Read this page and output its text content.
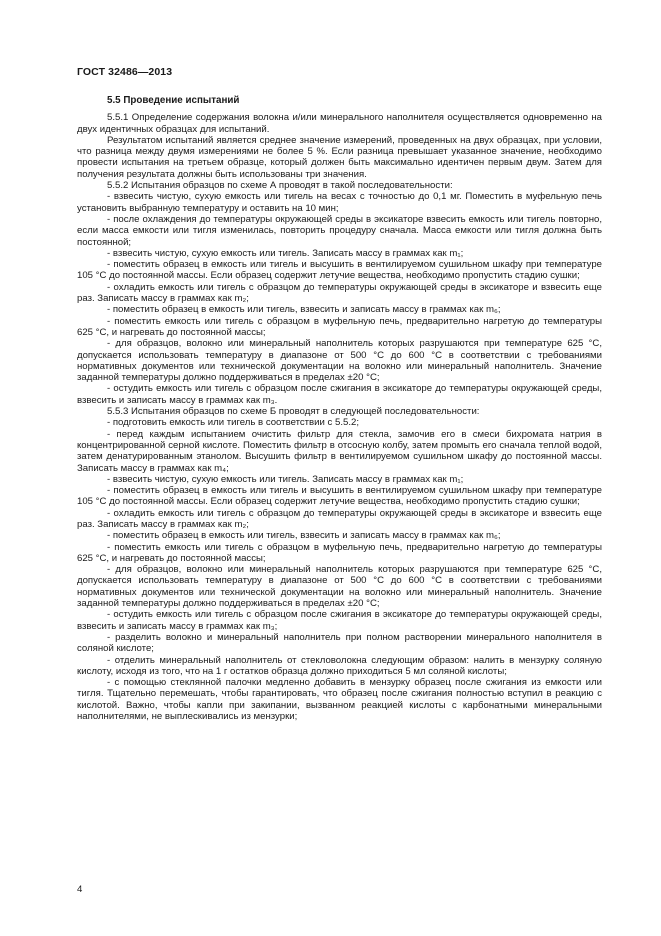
ГОСТ 32486—2013
5.5 Проведение испытаний

5.5.1 Определение содержания волокна и/или минерального наполнителя осуществляется одновременно на двух идентичных образцах для испытаний.

Результатом испытаний является среднее значение измерений, проведенных на двух образцах, при условии, что разница между двумя измерениями не более 5 %. Если разница превышает указанное значение, необходимо провести испытания на третьем образце, который должен быть максимально идентичен первым двум. Затем для получения результата должны быть использованы три значения.

5.5.2 Испытания образцов по схеме А проводят в такой последовательности:

- взвесить чистую, сухую емкость или тигель на весах с точностью до 0,1 мг. Поместить в муфельную печь установить выбранную температуру и оставить на 10 мин;

- после охлаждения до температуры окружающей среды в эксикаторе взвесить емкость или тигель повторно, если масса емкости или тигля изменилась, повторить процедуру сначала. Масса емкости или тигля должна быть постоянной;

- взвесить чистую, сухую емкость или тигель. Записать массу в граммах как m₁;

- поместить образец в емкость или тигель и высушить в вентилируемом сушильном шкафу при температуре 105 °С до постоянной массы. Если образец содержит летучие вещества, необходимо пропустить стадию сушки;

- охладить емкость или тигель с образцом до температуры окружающей среды в эксикаторе и взвесить еще раз. Записать массу в граммах как m₂;

- поместить образец в емкость или тигель, взвесить и записать массу в граммах как m₆;

- поместить емкость или тигель с образцом в муфельную печь, предварительно нагретую до температуры 625 °С, и нагревать до постоянной массы;

- для образцов, волокно или минеральный наполнитель которых разрушаются при температуре 625 °С, допускается использовать температуру в диапазоне от 500 °С до 600 °С в соответствии с требованиями нормативных документов или технической документации на волокно или минеральный наполнитель. Значение заданной температуры должно поддерживаться в пределах ±20 °С;

- остудить емкость или тигель с образцом после сжигания в эксикаторе до температуры окружающей среды, взвесить и записать массу в граммах как m₃.

5.5.3 Испытания образцов по схеме Б проводят в следующей последовательности:

- подготовить емкость или тигель в соответствии с 5.5.2;

- перед каждым испытанием очистить фильтр для стекла, замочив его в смеси бихромата натрия в концентрированной серной кислоте. Поместить фильтр в отсосную колбу, затем промыть его сначала теплой водой, затем денатурированным этанолом. Высушить фильтр в вентилируемом сушильном шкафу до постоянной массы. Записать массу в граммах как m₄;

- взвесить чистую, сухую емкость или тигель. Записать массу в граммах как m₁;

- поместить образец в емкость или тигель и высушить в вентилируемом сушильном шкафу при температуре 105 °С до постоянной массы. Если образец содержит летучие вещества, необходимо пропустить стадию сушки;

- охладить емкость или тигель с образцом до температуры окружающей среды в эксикаторе и взвесить еще раз. Записать массу в граммах как m₂;

- поместить образец в емкость или тигель, взвесить и записать массу в граммах как m₆;

- поместить емкость или тигель с образцом в муфельную печь, предварительно нагретую до температуры 625 °С, и нагревать до постоянной массы;

- для образцов, волокно или минеральный наполнитель которых разрушаются при температуре 625 °С, допускается использовать температуру в диапазоне от 500 °С до 600 °С в соответствии с требованиями нормативных документов или технической документации на волокно или минеральный наполнитель. Значение заданной температуры должно поддерживаться в пределах ±20 °С;

- остудить емкость или тигель с образцом после сжигания в эксикаторе до температуры окружающей среды, взвесить и записать массу в граммах как m₃;

- разделить волокно и минеральный наполнитель при полном растворении минерального наполнителя в соляной кислоте;

- отделить минеральный наполнитель от стекловолокна следующим образом: налить в мензурку соляную кислоту, исходя из того, что на 1 г остатков образца должно приходиться 5 мл соляной кислоты;

- с помощью стеклянной палочки медленно добавить в мензурку образец после сжигания из емкости или тигля. Тщательно перемешать, чтобы гарантировать, что образец после сжигания полностью вступил в реакцию с кислотой. Важно, чтобы капли при закипании, вызванном реакцией кислоты с карбонатными минеральными наполнителями, не выплескивались из мензурки;

4
